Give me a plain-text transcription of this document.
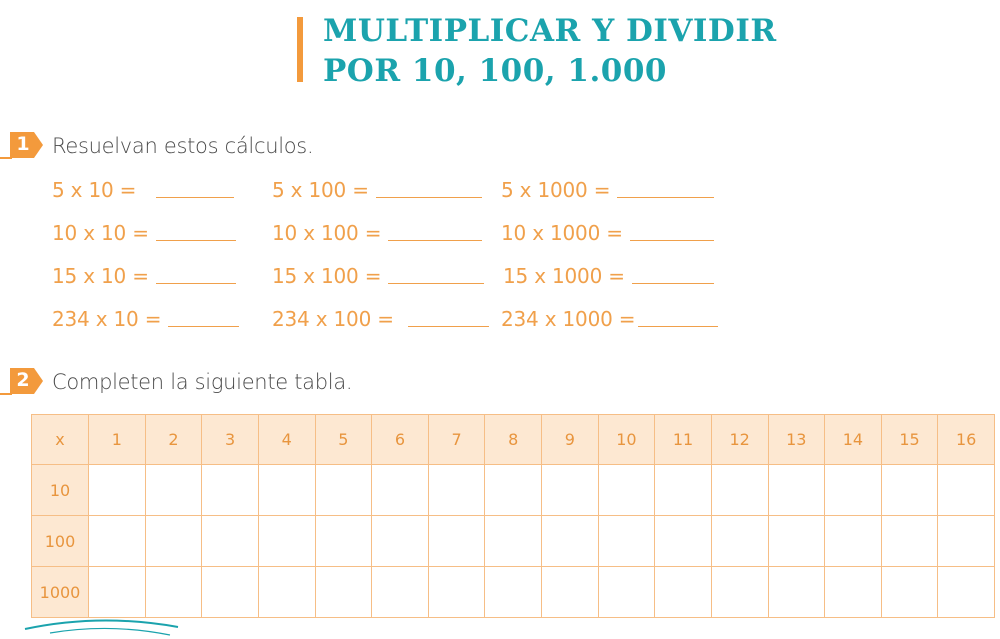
MULTIPLICAR Y DIVIDIR
POR 10, 100, 1.000
1 Resuelvan estos cálculos.
5 x 10 =	5 x 100 =	5 x 1000 =
10 x 10 =	10 x 100 =	10 x 1000 =
15 x 10 =	15 x 100 =	15 x 1000 =
234 x 10 =	234 x 100 =	234 x 1000 =
2 Completen la siguiente tabla.
x	1	2	3	4	5	6	7	8	9	10	11	12	13	14	15	16
10																
100																
1000																
